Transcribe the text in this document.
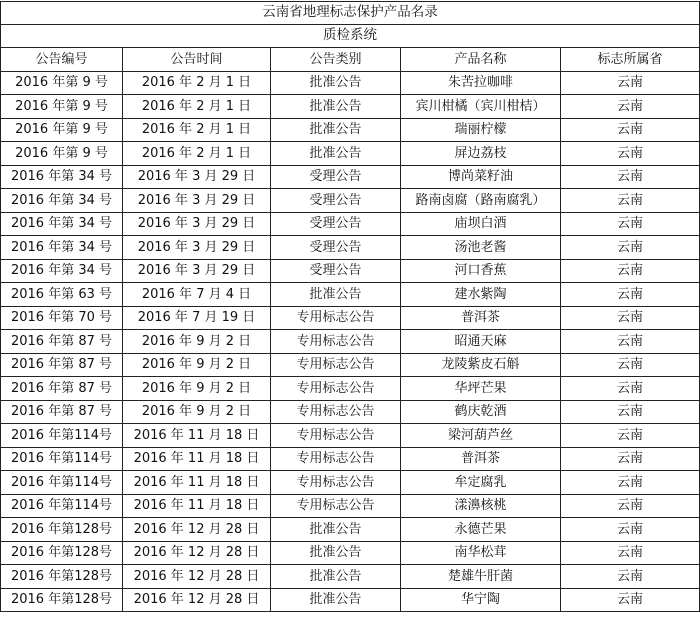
云南省地理标志保护产品名录				
质检系统				
公告编号	公告时间	公告类别	产品名称	标志所属省
2016 年第 9 号	2016 年 2 月 1 日	批准公告	朱苦拉咖啡	云南
2016 年第 9 号	2016 年 2 月 1 日	批准公告	宾川柑橘（宾川柑桔）	云南
2016 年第 9 号	2016 年 2 月 1 日	批准公告	瑞丽柠檬	云南
2016 年第 9 号	2016 年 2 月 1 日	批准公告	屏边荔枝	云南
2016 年第 34 号	2016 年 3 月 29 日	受理公告	博尚菜籽油	云南
2016 年第 34 号	2016 年 3 月 29 日	受理公告	路南卤腐（路南腐乳）	云南
2016 年第 34 号	2016 年 3 月 29 日	受理公告	庙坝白酒	云南
2016 年第 34 号	2016 年 3 月 29 日	受理公告	汤池老酱	云南
2016 年第 34 号	2016 年 3 月 29 日	受理公告	河口香蕉	云南
2016 年第 63 号	2016 年 7 月 4 日	批准公告	建水紫陶	云南
2016 年第 70 号	2016 年 7 月 19 日	专用标志公告	普洱茶	云南
2016 年第 87 号	2016 年 9 月 2 日	专用标志公告	昭通天麻	云南
2016 年第 87 号	2016 年 9 月 2 日	专用标志公告	龙陵紫皮石斛	云南
2016 年第 87 号	2016 年 9 月 2 日	专用标志公告	华坪芒果	云南
2016 年第 87 号	2016 年 9 月 2 日	专用标志公告	鹤庆乾酒	云南
2016 年第114号	2016 年 11 月 18 日	专用标志公告	梁河葫芦丝	云南
2016 年第114号	2016 年 11 月 18 日	专用标志公告	普洱茶	云南
2016 年第114号	2016 年 11 月 18 日	专用标志公告	牟定腐乳	云南
2016 年第114号	2016 年 11 月 18 日	专用标志公告	漾濞核桃	云南
2016 年第128号	2016 年 12 月 28 日	批准公告	永德芒果	云南
2016 年第128号	2016 年 12 月 28 日	批准公告	南华松茸	云南
2016 年第128号	2016 年 12 月 28 日	批准公告	楚雄牛肝菌	云南
2016 年第128号	2016 年 12 月 28 日	批准公告	华宁陶	云南
